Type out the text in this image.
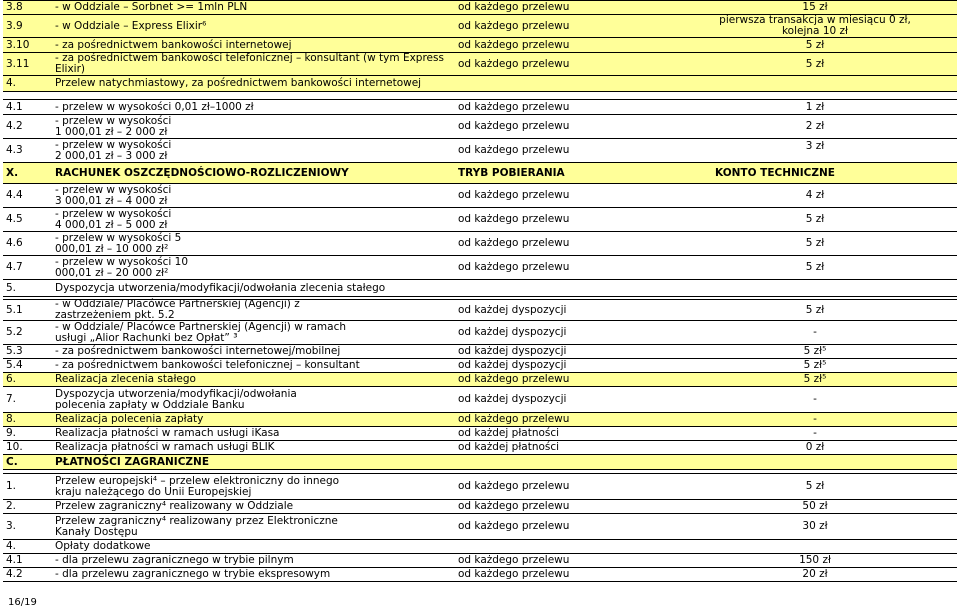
3.8	- w Oddziale – Sorbnet >= 1mln PLN	od każdego przelewu	15 zł
3.9	- w Oddziale – Express Elixir⁶	od każdego przelewu	pierwsza transakcja w miesiącu 0 zł,
kolejna 10 zł
3.10	- za pośrednictwem bankowości internetowej	od każdego przelewu	5 zł
3.11	- za pośrednictwem bankowości telefonicznej – konsultant (w tym Express Elixir)	od każdego przelewu	5 zł
4.	Przelew natychmiastowy, za pośrednictwem bankowości internetowej
4.1	- przelew w wysokości 0,01 zł–1000 zł	od każdego przelewu	1 zł
4.2	- przelew w wysokości 1 000,01 zł – 2 000 zł	od każdego przelewu	2 zł
4.3	- przelew w wysokości 2 000,01 zł – 3 000 zł	od każdego przelewu	3 zł
X.	RACHUNEK OSZCZĘDNOŚCIOWO-ROZLICZENIOWY	TRYB POBIERANIA	KONTO TECHNICZNE
4.4	- przelew w wysokości 3 000,01 zł – 4 000 zł	od każdego przelewu	4 zł
4.5	- przelew w wysokości 4 000,01 zł – 5 000 zł	od każdego przelewu	5 zł
4.6	- przelew w wysokości 5 000,01 zł – 10 000 zł²	od każdego przelewu	5 zł
4.7	- przelew w wysokości 10 000,01 zł – 20 000 zł²	od każdego przelewu	5 zł
5.	Dyspozycja utworzenia/modyfikacji/odwołania zlecenia stałego
5.1	- w Oddziale/ Placówce Partnerskiej (Agencji) z zastrzeżeniem pkt. 5.2	od każdej dyspozycji	5 zł
5.2	- w Oddziale/ Placówce Partnerskiej (Agencji) w ramach usługi „Alior Rachunki bez Opłat” ³	od każdej dyspozycji	-
5.3	- za pośrednictwem bankowości internetowej/mobilnej	od każdej dyspozycji	5 zł⁵
5.4	- za pośrednictwem bankowości telefonicznej – konsultant	od każdej dyspozycji	5 zł⁵
6.	Realizacja zlecenia stałego	od każdego przelewu	5 zł⁵
7.	Dyspozycja utworzenia/modyfikacji/odwołania polecenia zapłaty w Oddziale Banku	od każdej dyspozycji	-
8.	Realizacja polecenia zapłaty	od każdego przelewu	-
9.	Realizacja płatności w ramach usługi iKasa	od każdej płatności	-
10.	Realizacja płatności w ramach usługi BLIK	od każdej płatności	0 zł
C.	PŁATNOŚCI ZAGRANICZNE
1.	Przelew europejski⁴ – przelew elektroniczny do innego kraju należącego do Unii Europejskiej	od każdego przelewu	5 zł
2.	Przelew zagraniczny⁴ realizowany w Oddziale	od każdego przelewu	50 zł
3.	Przelew zagraniczny⁴ realizowany przez Elektroniczne Kanały Dostępu	od każdego przelewu	30 zł
4.	Opłaty dodatkowe
4.1	- dla przelewu zagranicznego w trybie pilnym	od każdego przelewu	150 zł
4.2	- dla przelewu zagranicznego w trybie ekspresowym	od każdego przelewu	20 zł
16/19
